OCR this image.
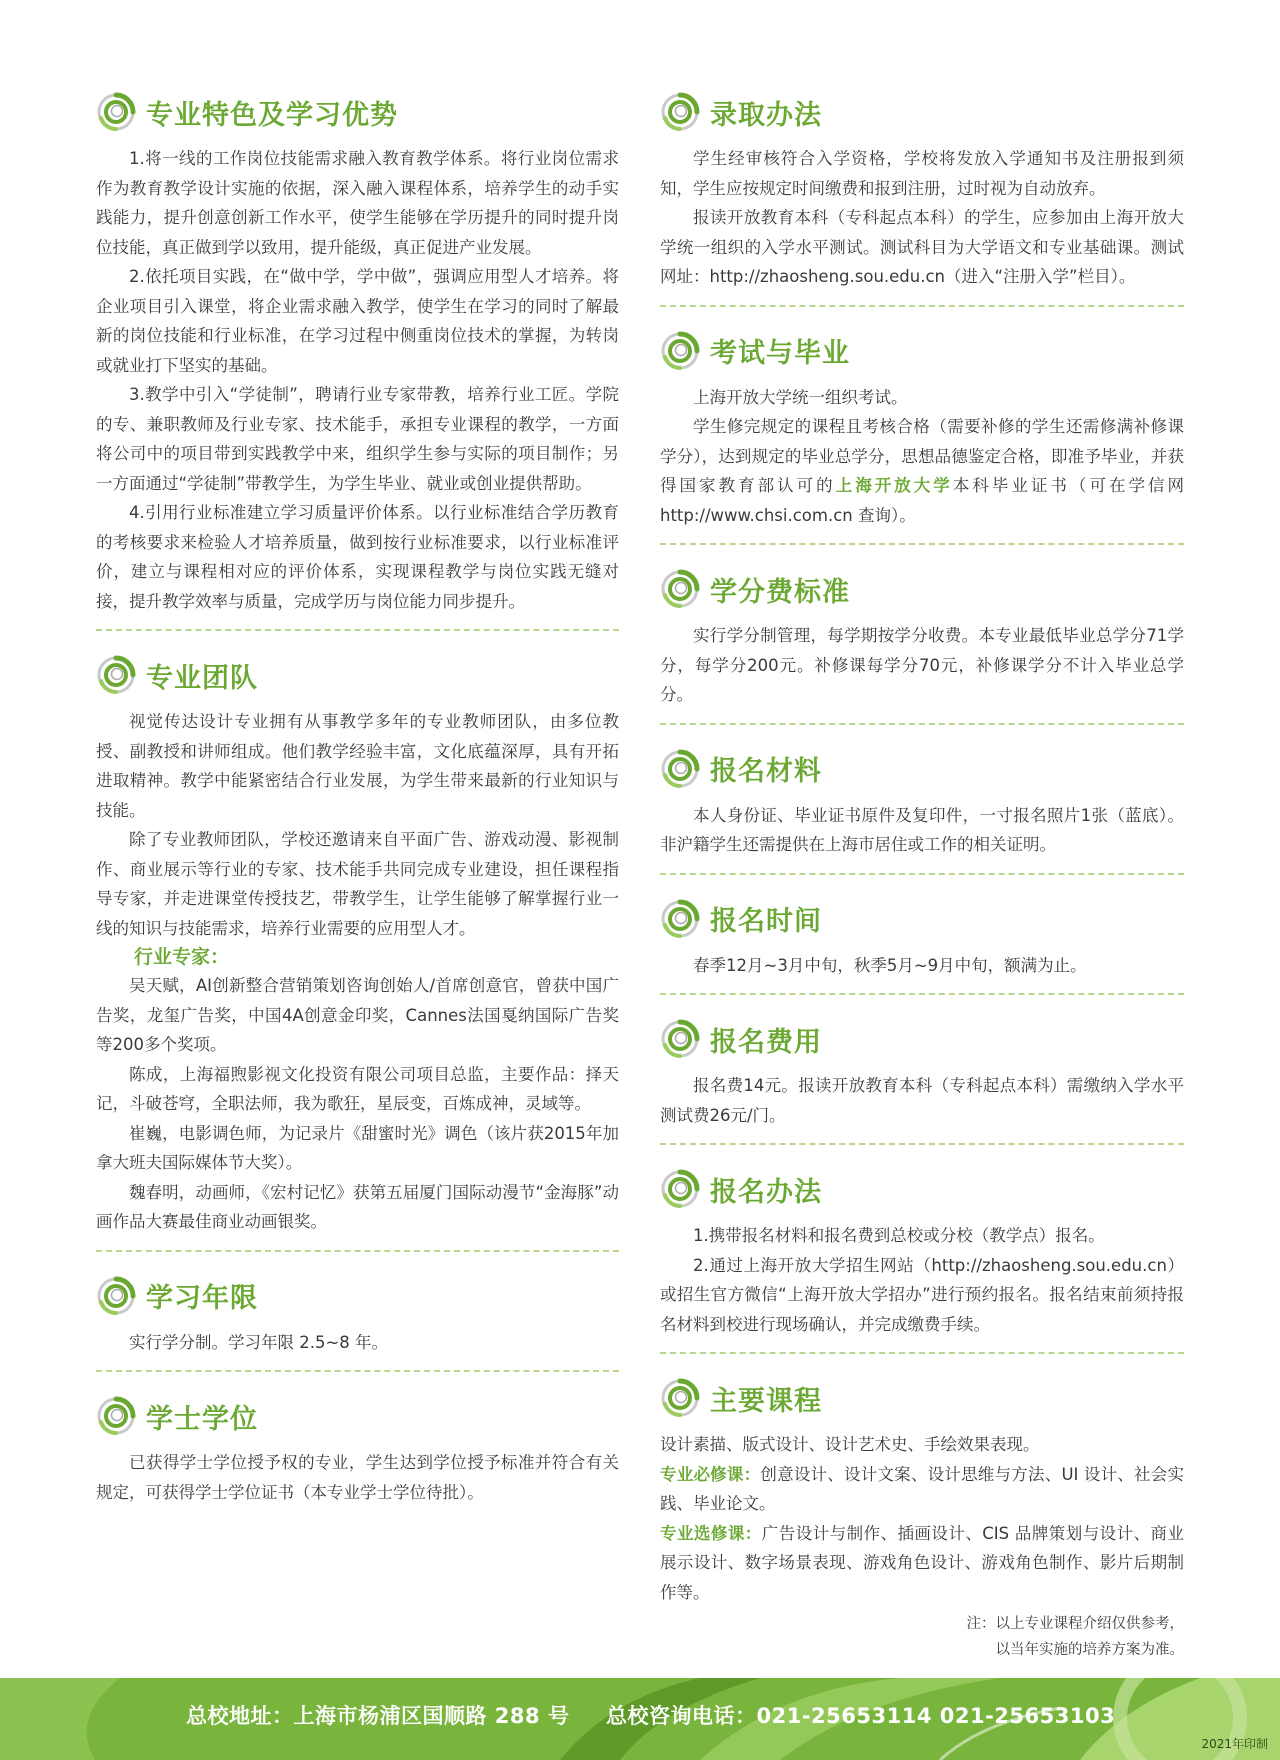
专业特色及学习优势

1.将一线的工作岗位技能需求融入教育教学体系。将行业岗位需求作为教育教学设计实施的依据，深入融入课程体系，培养学生的动手实践能力，提升创意创新工作水平，使学生能够在学历提升的同时提升岗位技能，真正做到学以致用，提升能级，真正促进产业发展。

2.依托项目实践，在“做中学，学中做”，强调应用型人才培养。将企业项目引入课堂，将企业需求融入教学，使学生在学习的同时了解最新的岗位技能和行业标准，在学习过程中侧重岗位技术的掌握，为转岗或就业打下坚实的基础。

3.教学中引入“学徒制”，聘请行业专家带教，培养行业工匠。学院的专、兼职教师及行业专家、技术能手，承担专业课程的教学，一方面将公司中的项目带到实践教学中来，组织学生参与实际的项目制作；另一方面通过“学徒制”带教学生，为学生毕业、就业或创业提供帮助。

4.引用行业标准建立学习质量评价体系。以行业标准结合学历教育的考核要求来检验人才培养质量，做到按行业标准要求，以行业标准评价，建立与课程相对应的评价体系，实现课程教学与岗位实践无缝对接，提升教学效率与质量，完成学历与岗位能力同步提升。

专业团队

视觉传达设计专业拥有从事教学多年的专业教师团队，由多位教授、副教授和讲师组成。他们教学经验丰富，文化底蕴深厚，具有开拓进取精神。教学中能紧密结合行业发展，为学生带来最新的行业知识与技能。

除了专业教师团队，学校还邀请来自平面广告、游戏动漫、影视制作、商业展示等行业的专家、技术能手共同完成专业建设，担任课程指导专家，并走进课堂传授技艺，带教学生，让学生能够了解掌握行业一线的知识与技能需求，培养行业需要的应用型人才。

行业专家：

吴天赋，AI创新整合营销策划咨询创始人/首席创意官，曾获中国广告奖，龙玺广告奖，中国4A创意金印奖，Cannes法国戛纳国际广告奖等200多个奖项。

陈成，上海福煦影视文化投资有限公司项目总监，主要作品：择天记，斗破苍穹，全职法师，我为歌狂，星辰变，百炼成神，灵域等。

崔巍，电影调色师，为记录片《甜蜜时光》调色（该片获2015年加拿大班夫国际媒体节大奖）。

魏春明，动画师，《宏村记忆》获第五届厦门国际动漫节“金海豚”动画作品大赛最佳商业动画银奖。

学习年限

实行学分制。学习年限 2.5~8 年。

学士学位

已获得学士学位授予权的专业，学生达到学位授予标准并符合有关规定，可获得学士学位证书（本专业学士学位待批）。

录取办法

学生经审核符合入学资格，学校将发放入学通知书及注册报到须知，学生应按规定时间缴费和报到注册，过时视为自动放弃。

报读开放教育本科（专科起点本科）的学生，应参加由上海开放大学统一组织的入学水平测试。测试科目为大学语文和专业基础课。测试网址：http://zhaosheng.sou.edu.cn（进入“注册入学”栏目）。

考试与毕业

上海开放大学统一组织考试。

学生修完规定的课程且考核合格（需要补修的学生还需修满补修课学分），达到规定的毕业总学分，思想品德鉴定合格，即准予毕业，并获得国家教育部认可的上海开放大学本科毕业证书（可在学信网 http://www.chsi.com.cn 查询）。

学分费标准

实行学分制管理，每学期按学分收费。本专业最低毕业总学分71学分，每学分200元。补修课每学分70元，补修课学分不计入毕业总学分。

报名材料

本人身份证、毕业证书原件及复印件，一寸报名照片1张（蓝底）。非沪籍学生还需提供在上海市居住或工作的相关证明。

报名时间

春季12月~3月中旬，秋季5月~9月中旬，额满为止。

报名费用

报名费14元。报读开放教育本科（专科起点本科）需缴纳入学水平测试费26元/门。

报名办法

1.携带报名材料和报名费到总校或分校（教学点）报名。

2.通过上海开放大学招生网站（http://zhaosheng.sou.edu.cn）或招生官方微信“上海开放大学招办”进行预约报名。报名结束前须持报名材料到校进行现场确认，并完成缴费手续。

主要课程

设计素描、版式设计、设计艺术史、手绘效果表现。

专业必修课：创意设计、设计文案、设计思维与方法、UI 设计、社会实践、毕业论文。

专业选修课：广告设计与制作、插画设计、CIS 品牌策划与设计、商业展示设计、数字场景表现、游戏角色设计、游戏角色制作、影片后期制作等。

注：以上专业课程介绍仅供参考，
以当年实施的培养方案为准。
总校地址：上海市杨浦区国顺路 288 号 总校咨询电话：021-25653114 021-25653103
2021年印制
